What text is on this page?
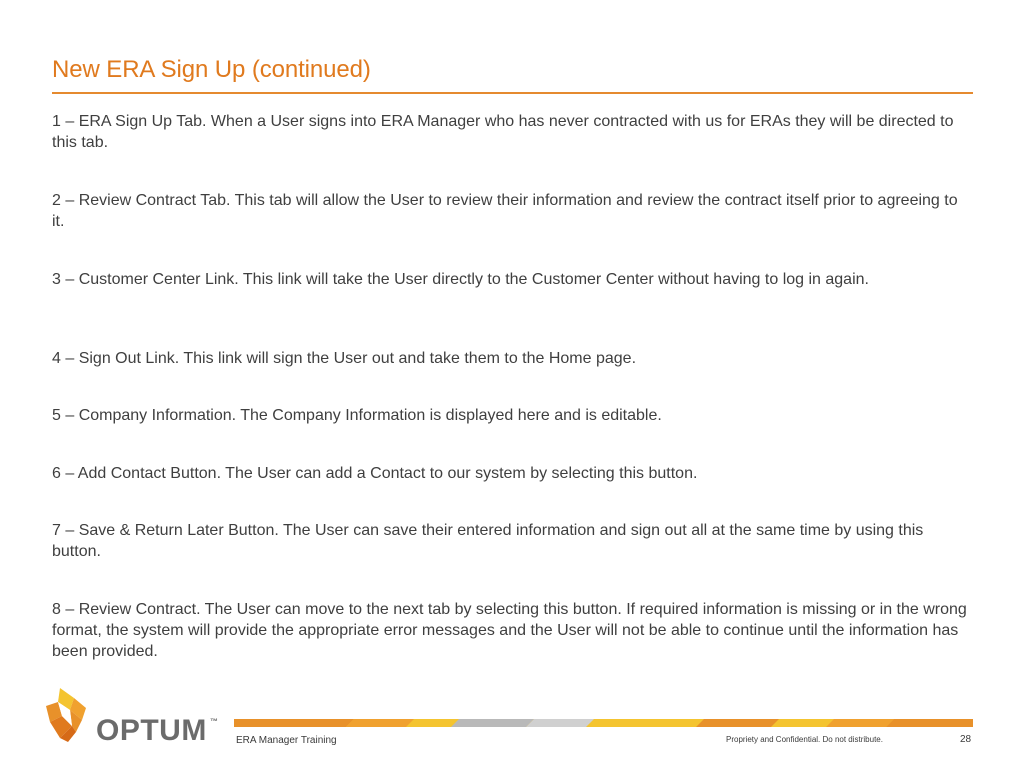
New ERA Sign Up (continued)
1 – ERA Sign Up Tab. When a User signs into ERA Manager who has never contracted with us for ERAs they will be directed to this tab.
2 – Review Contract Tab. This tab will allow the User to review their information and review the contract itself prior to agreeing to it.
3 – Customer Center Link. This link will take the User directly to the Customer Center without having to log in again.
4 – Sign Out Link. This link will sign the User out and take them to the Home page.
5 – Company Information. The Company Information is displayed here and is editable.
6 – Add Contact Button. The User can add a Contact to our system by selecting this button.
7 – Save & Return Later Button. The User can save their entered information and sign out all at the same time by using this button.
8 – Review Contract. The User can move to the next tab by selecting this button. If required information is missing or in the wrong format, the system will provide the appropriate error messages and the User will not be able to continue until the information has been provided.
OPTUM ™
ERA Manager Training	Propriety and Confidential. Do not distribute.	28
